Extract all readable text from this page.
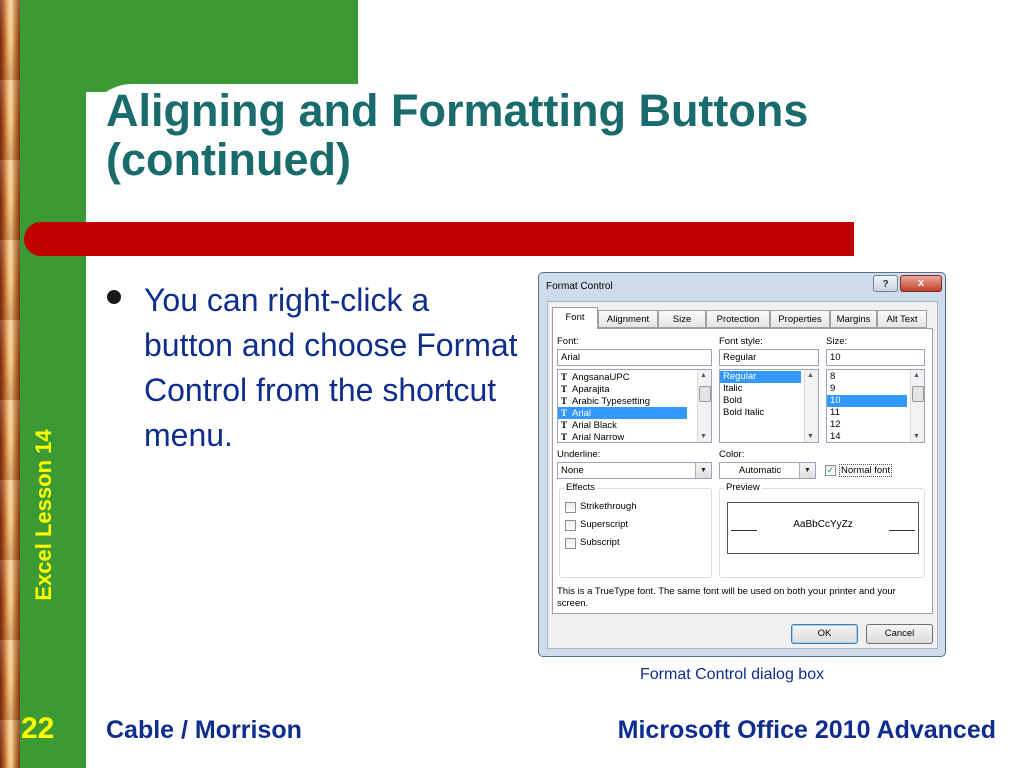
Aligning and Formatting Buttons (continued)

You can right-click a button and choose Format Control from the shortcut menu.

Excel Lesson 14
22 Cable / Morrison	Microsoft Office 2010 Advanced
Format Control dialog box
Format Control	?	x
Font	Alignment	Size	Protection	Properties	Margins	Alt Text
Font:
Arial
T AngsanaUPC
T Aparajita
T Arabic Typesetting
T Arial
T Arial Black
T Arial Narrow
▲
▼
Font style:
Regular
Regular
Italic
Bold
Bold Italic
▲
▼
Size:
10
8
9
10
11
12
14
▲
▼
Underline:
None	▼
Color:
Automatic	▼	✓ Normal font
Effects
Strikethrough
Superscript
Subscript
Preview
AaBbCcYyZz
This is a TrueType font. The same font will be used on both your printer and your screen.
OK	Cancel
